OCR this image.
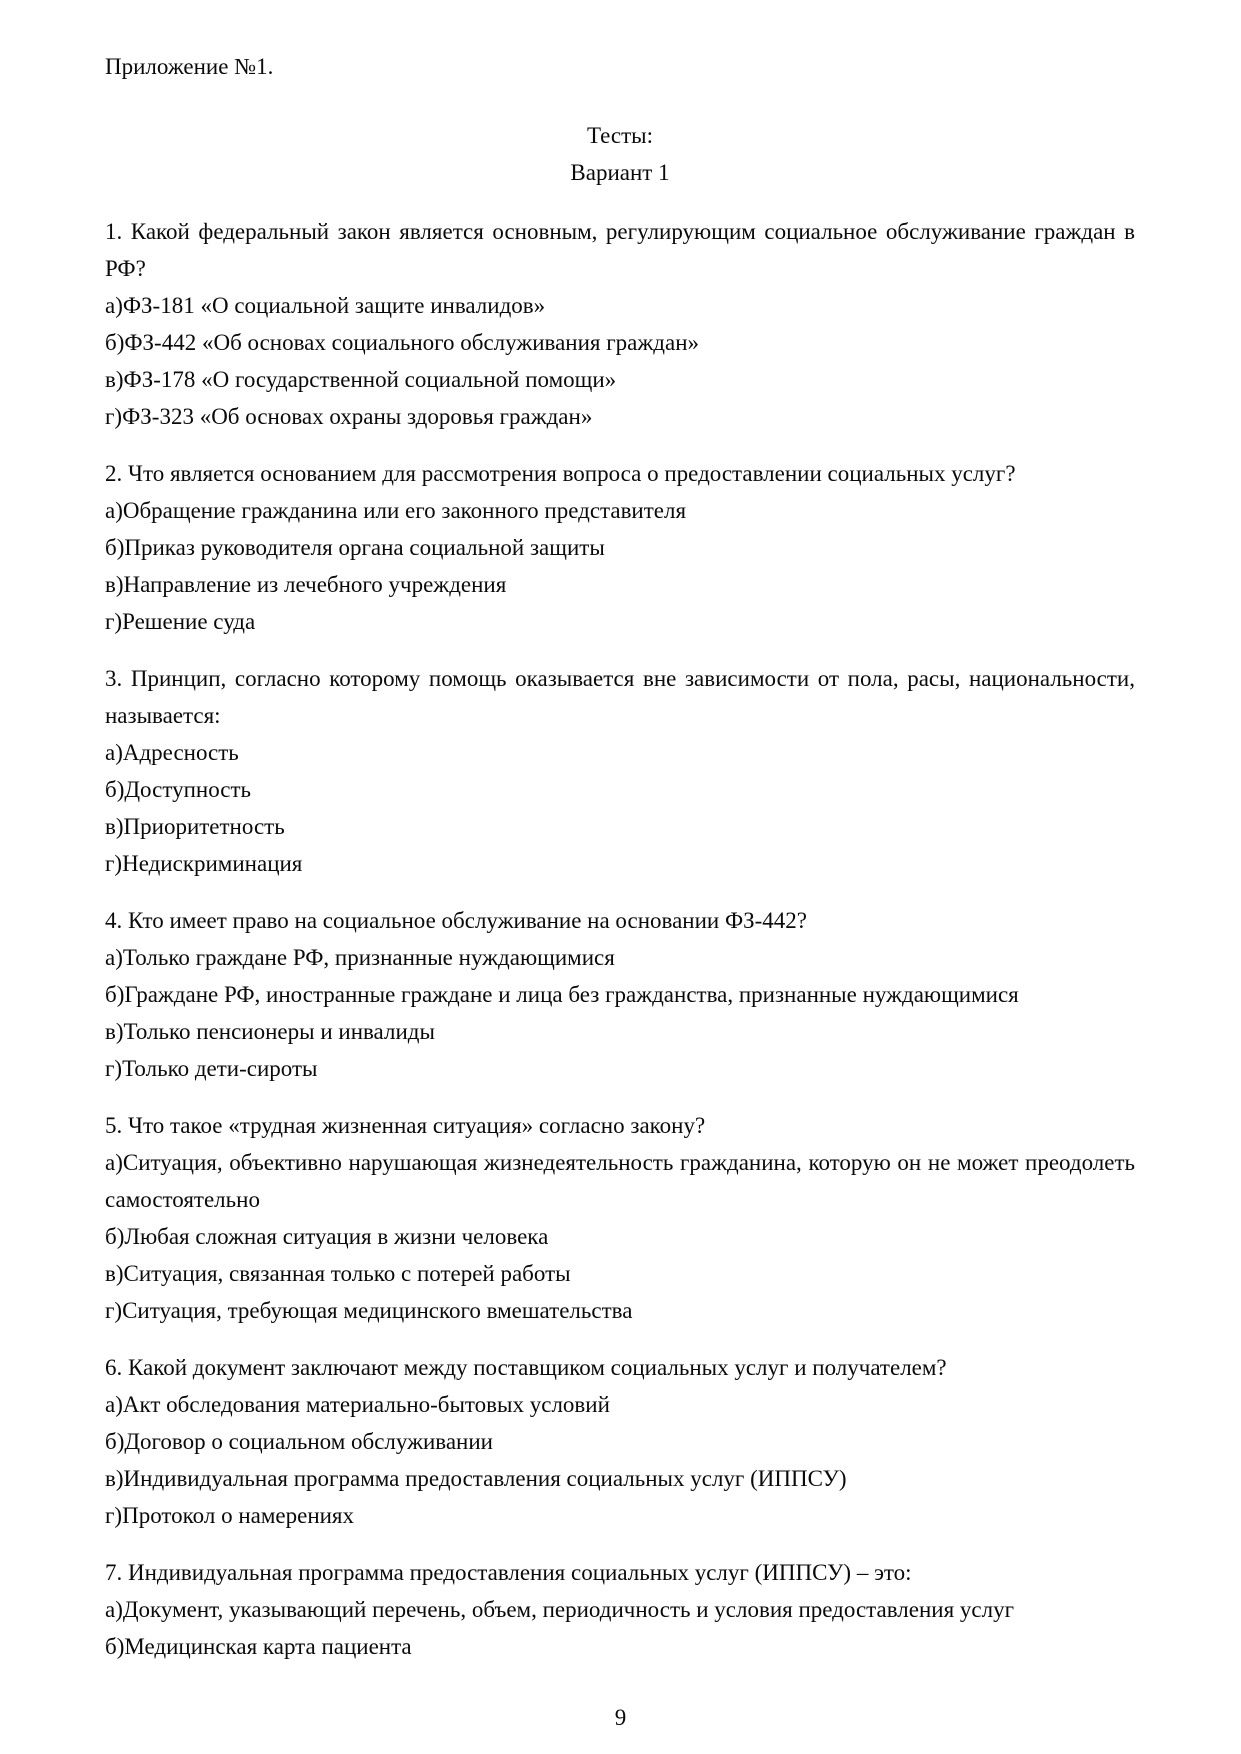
Приложение №1.

Тесты:

Вариант 1

1. Какой федеральный закон является основным, регулирующим социальное обслуживание граждан в РФ?

а)ФЗ-181 «О социальной защите инвалидов»

б)ФЗ-442 «Об основах социального обслуживания граждан»

в)ФЗ-178 «О государственной социальной помощи»

г)ФЗ-323 «Об основах охраны здоровья граждан»

2. Что является основанием для рассмотрения вопроса о предоставлении социальных услуг?

а)Обращение гражданина или его законного представителя

б)Приказ руководителя органа социальной защиты

в)Направление из лечебного учреждения

г)Решение суда

3. Принцип, согласно которому помощь оказывается вне зависимости от пола, расы, национальности, называется:

а)Адресность

б)Доступность

в)Приоритетность

г)Недискриминация

4. Кто имеет право на социальное обслуживание на основании ФЗ-442?

а)Только граждане РФ, признанные нуждающимися

б)Граждане РФ, иностранные граждане и лица без гражданства, признанные нуждающимися

в)Только пенсионеры и инвалиды

г)Только дети-сироты

5. Что такое «трудная жизненная ситуация» согласно закону?

а)Ситуация, объективно нарушающая жизнедеятельность гражданина, которую он не может преодолеть самостоятельно

б)Любая сложная ситуация в жизни человека

в)Ситуация, связанная только с потерей работы

г)Ситуация, требующая медицинского вмешательства

6. Какой документ заключают между поставщиком социальных услуг и получателем?

а)Акт обследования материально-бытовых условий

б)Договор о социальном обслуживании

в)Индивидуальная программа предоставления социальных услуг (ИППСУ)

г)Протокол о намерениях

7. Индивидуальная программа предоставления социальных услуг (ИППСУ) – это:

а)Документ, указывающий перечень, объем, периодичность и условия предоставления услуг

б)Медицинская карта пациента

9
